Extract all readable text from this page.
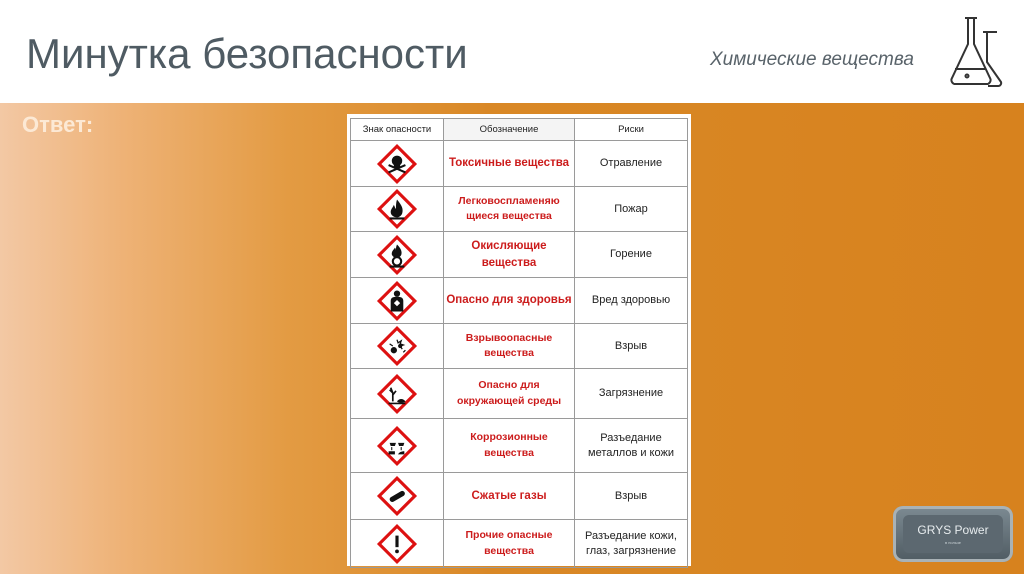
Минутка безопасности	Химические вещества
Ответ:	Знак опасности	Обозначение	Риски

	Токсичные вещества	Отравление

	Легковоспламеняю щиеся вещества	Пожар

	Окисляющие вещества	Горение

	Опасно для здоровья	Вред здоровью

	Взрывоопасные вещества	Взрыв

	Опасно для окружающей среды	Загрязнение

	Коррозионные вещества	Разъедание металлов и кожи

	Сжатые газы	Взрыв

	Прочие опасные вещества	Разъедание кожи, глаз, загрязнение
GRYS Power
в пользе
